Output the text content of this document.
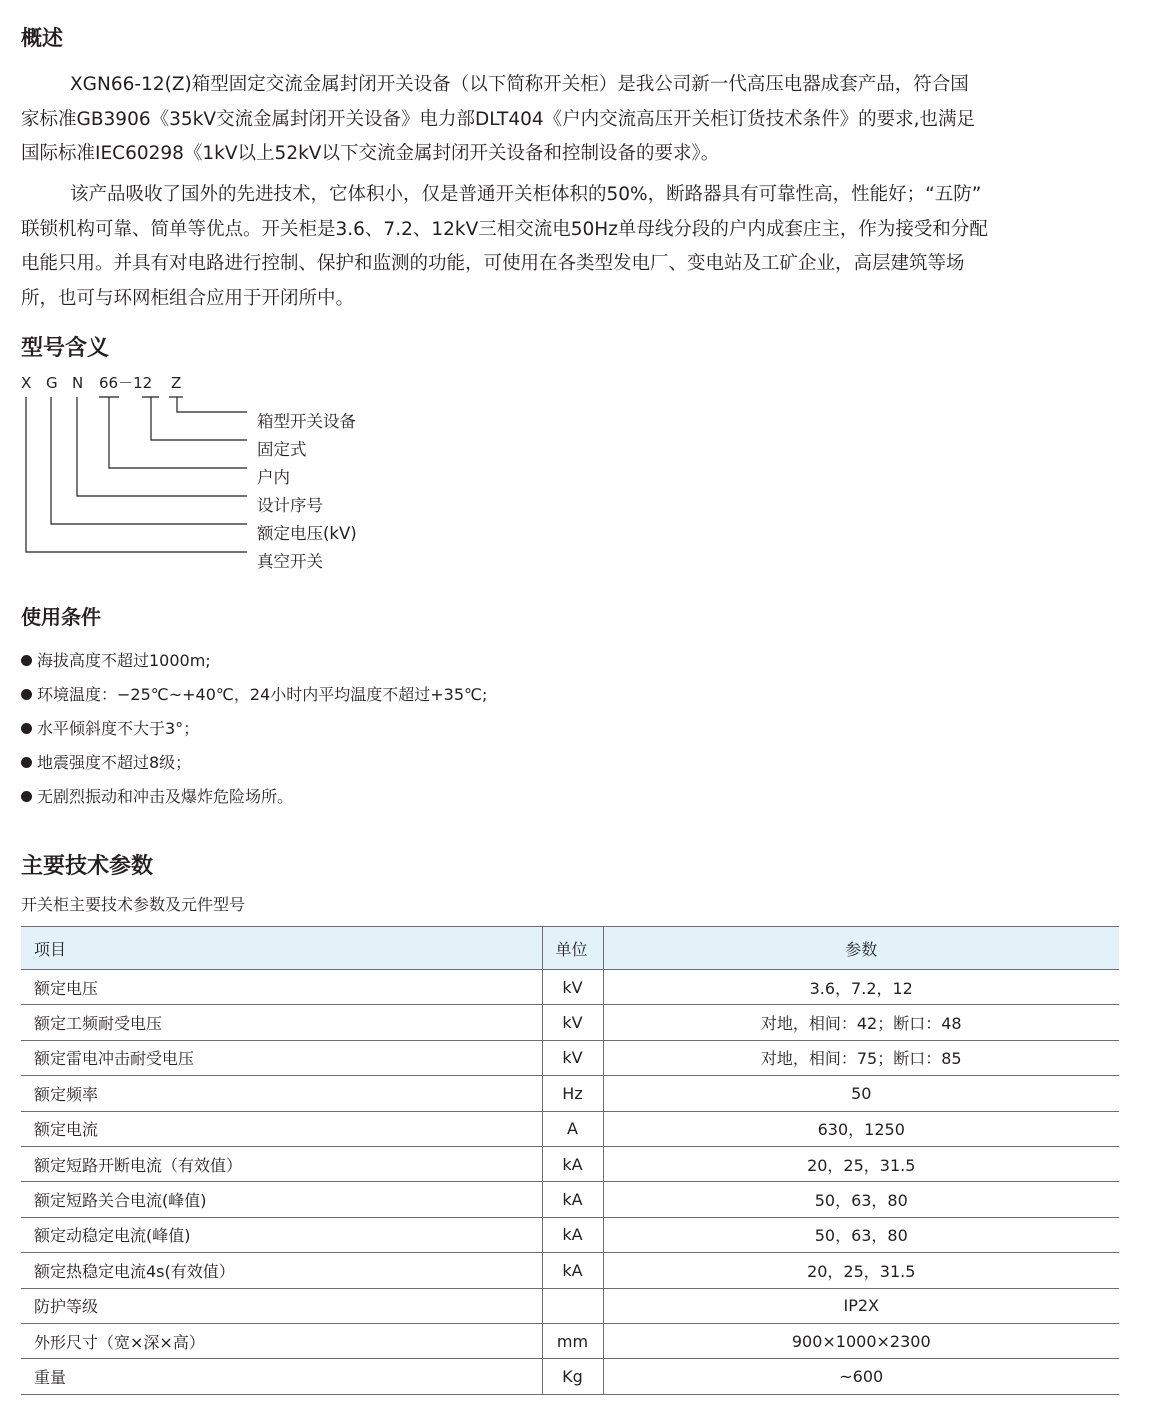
概述

XGN66-12(Z)箱型固定交流金属封闭开关设备（以下简称开关柜）是我公司新一代高压电器成套产品，符合国
家标准GB3906《35kV交流金属封闭开关设备》电力部DLT404《户内交流高压开关柜订货技术条件》的要求,也满足
国际标准IEC60298《1kV以上52kV以下交流金属封闭开关设备和控制设备的要求》。

该产品吸收了国外的先进技术，它体积小，仅是普通开关柜体积的50%，断路器具有可靠性高，性能好；“五防”
联锁机构可靠、简单等优点。开关柜是3.6、7.2、12kV三相交流电50Hz单母线分段的户内成套庄主，作为接受和分配
电能只用。并具有对电路进行控制、保护和监测的功能，可使用在各类型发电厂、变电站及工矿企业，高层建筑等场
所，也可与环网柜组合应用于开闭所中。

型号含义
X G N 66－12 Z
箱型开关设备
固定式
户内
设计序号
额定电压(kV)
真空开关
使用条件
海拔高度不超过1000m;
环境温度：−25℃~+40℃，24小时内平均温度不超过+35℃;
水平倾斜度不大于3°；
地震强度不超过8级；
无剧烈振动和冲击及爆炸危险场所。
主要技术参数
开关柜主要技术参数及元件型号
项目	单位	参数
额定电压	kV	3.6，7.2，12
额定工频耐受电压	kV	对地，相间：42；断口：48
额定雷电冲击耐受电压	kV	对地，相间：75；断口：85
额定频率	Hz	50
额定电流	A	630，1250
额定短路开断电流（有效值）	kA	20，25，31.5
额定短路关合电流(峰值)	kA	50，63，80
额定动稳定电流(峰值)	kA	50，63，80
额定热稳定电流4s(有效值）	kA	20，25，31.5
防护等级		IP2X
外形尺寸（宽×深×高）	mm	900×1000×2300
重量	Kg	~600
